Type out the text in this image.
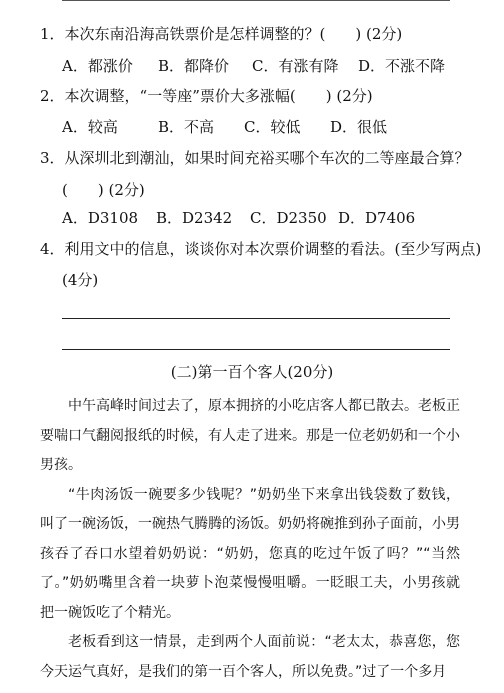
1．本次东南沿海高铁票价是怎样调整的？(　　) (2分)
A．都涨价 B．都降价 C．有涨有降 D．不涨不降
2．本次调整，“一等座”票价大多涨幅(　　) (2分)
A．较高	B．不高 C．较低 D．很低
3．从深圳北到潮汕，如果时间充裕买哪个车次的二等座最合算？
(　　) (2分)
A．D3108 B．D2342 C．D2350 D．D7406
4．利用文中的信息，谈谈你对本次票价调整的看法。(至少写两点)
(4分)
(二)第一百个客人(20分)

中午高峰时间过去了，原本拥挤的小吃店客人都已散去。老板正要喘口气翻阅报纸的时候，有人走了进来。那是一位老奶奶和一个小男孩。

“牛肉汤饭一碗要多少钱呢？”奶奶坐下来拿出钱袋数了数钱，叫了一碗汤饭，一碗热气腾腾的汤饭。奶奶将碗推到孙子面前，小男孩吞了吞口水望着奶奶说：“奶奶，您真的吃过午饭了吗？”“当然了。”奶奶嘴里含着一块萝卜泡菜慢慢咀嚼。一眨眼工夫，小男孩就把一碗饭吃了个精光。

老板看到这一情景，走到两个人面前说：“老太太，恭喜您，您今天运气真好，是我们的第一百个客人，所以免费。”过了一个多月
